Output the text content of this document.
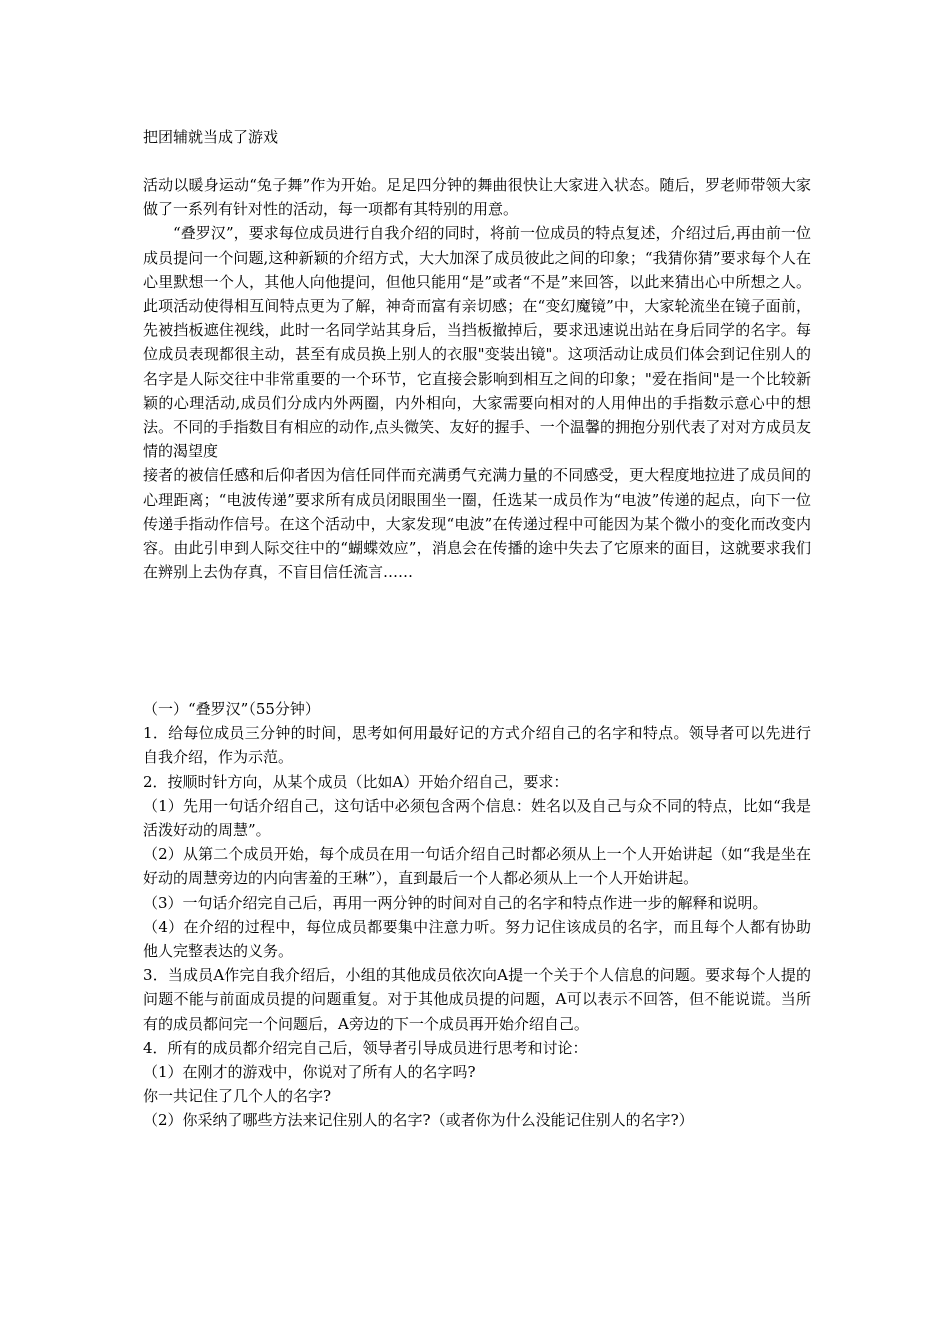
把团辅就当成了游戏

活动以暖身运动“兔子舞”作为开始。足足四分钟的舞曲很快让大家进入状态。随后，罗老师带领大家做了一系列有针对性的活动，每一项都有其特别的用意。

“叠罗汉”，要求每位成员进行自我介绍的同时，将前一位成员的特点复述，介绍过后,再由前一位成员提问一个问题,这种新颖的介绍方式，大大加深了成员彼此之间的印象；“我猜你猜”要求每个人在心里默想一个人，其他人向他提问，但他只能用“是”或者“不是”来回答，以此来猜出心中所想之人。此项活动使得相互间特点更为了解，神奇而富有亲切感；在“变幻魔镜”中，大家轮流坐在镜子面前，先被挡板遮住视线，此时一名同学站其身后，当挡板撤掉后，要求迅速说出站在身后同学的名字。每位成员表现都很主动，甚至有成员换上别人的衣服"变装出镜"。这项活动让成员们体会到记住别人的名字是人际交往中非常重要的一个环节，它直接会影响到相互之间的印象；"爱在指间"是一个比较新颖的心理活动,成员们分成内外两圈，内外相向，大家需要向相对的人用伸出的手指数示意心中的想法。不同的手指数目有相应的动作,点头微笑、友好的握手、一个温馨的拥抱分别代表了对对方成员友情的渴望度

接者的被信任感和后仰者因为信任同伴而充满勇气充满力量的不同感受，更大程度地拉进了成员间的心理距离；“电波传递”要求所有成员闭眼围坐一圈，任选某一成员作为“电波”传递的起点，向下一位传递手指动作信号。在这个活动中，大家发现“电波”在传递过程中可能因为某个微小的变化而改变内容。由此引申到人际交往中的“蝴蝶效应”，消息会在传播的途中失去了它原来的面目，这就要求我们在辨别上去伪存真，不盲目信任流言……

（一）“叠罗汉”（55分钟）

1．给每位成员三分钟的时间，思考如何用最好记的方式介绍自己的名字和特点。领导者可以先进行自我介绍，作为示范。

2．按顺时针方向，从某个成员（比如A）开始介绍自己，要求：

（1）先用一句话介绍自己，这句话中必须包含两个信息：姓名以及自己与众不同的特点，比如“我是活泼好动的周慧”。

（2）从第二个成员开始，每个成员在用一句话介绍自己时都必须从上一个人开始讲起（如“我是坐在好动的周慧旁边的内向害羞的王琳”），直到最后一个人都必须从上一个人开始讲起。

（3）一句话介绍完自己后，再用一两分钟的时间对自己的名字和特点作进一步的解释和说明。

（4）在介绍的过程中，每位成员都要集中注意力听。努力记住该成员的名字，而且每个人都有协助他人完整表达的义务。

3．当成员A作完自我介绍后，小组的其他成员依次向A提一个关于个人信息的问题。要求每个人提的问题不能与前面成员提的问题重复。对于其他成员提的问题，A可以表示不回答，但不能说谎。当所有的成员都问完一个问题后，A旁边的下一个成员再开始介绍自己。

4．所有的成员都介绍完自己后，领导者引导成员进行思考和讨论：

（1）在刚才的游戏中，你说对了所有人的名字吗?

你一共记住了几个人的名字?

（2）你采纳了哪些方法来记住别人的名字?（或者你为什么没能记住别人的名字?）
